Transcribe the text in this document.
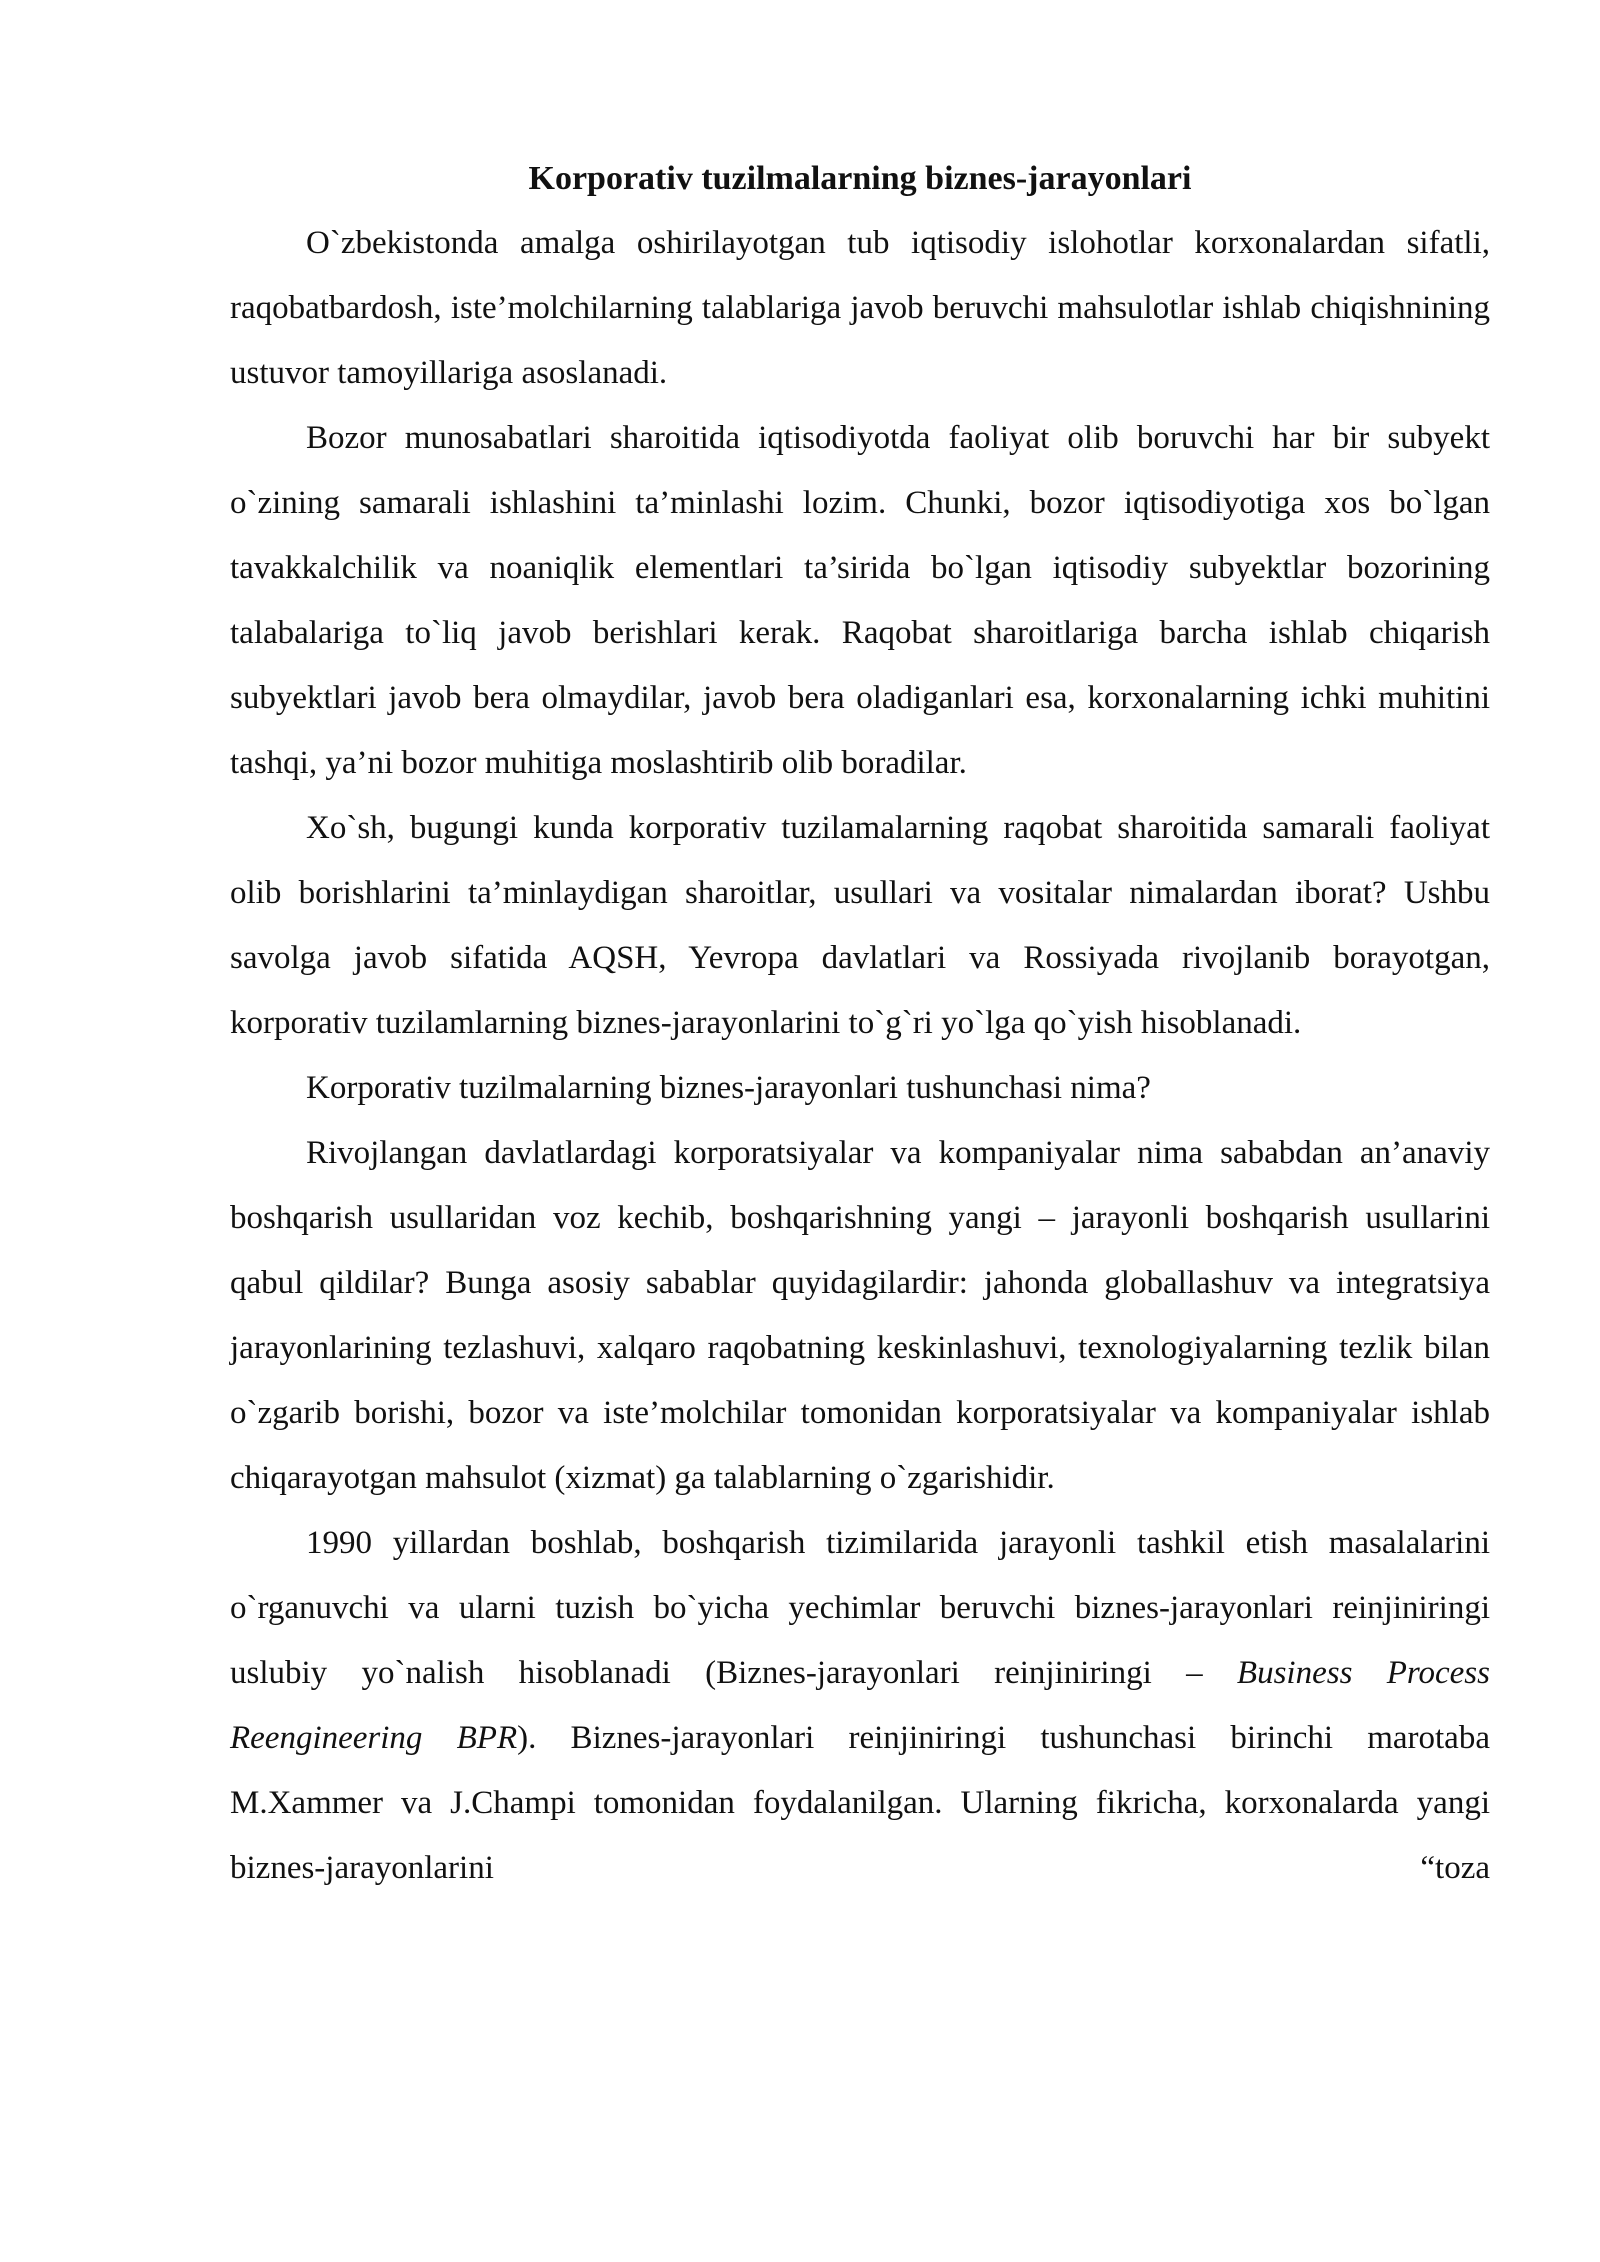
Korporativ tuzilmalarning biznes-jarayonlari

O`zbekistonda amalga oshirilayotgan tub iqtisodiy islohotlar korxonalardan sifatli, raqobatbardosh, iste’molchilarning talablariga javob beruvchi mahsulotlar ishlab chiqishnining ustuvor tamoyillariga asoslanadi.

Bozor munosabatlari sharoitida iqtisodiyotda faoliyat olib boruvchi har bir subyekt o`zining samarali ishlashini ta’minlashi lozim. Chunki, bozor iqtisodiyotiga xos bo`lgan tavakkalchilik va noaniqlik elementlari ta’sirida bo`lgan iqtisodiy subyektlar bozorining talabalariga to`liq javob berishlari kerak. Raqobat sharoitlariga barcha ishlab chiqarish subyektlari javob bera olmaydilar, javob bera oladiganlari esa, korxonalarning ichki muhitini tashqi, ya’ni bozor muhitiga moslashtirib olib boradilar.

Xo`sh, bugungi kunda korporativ tuzilamalarning raqobat sharoitida samarali faoliyat olib borishlarini ta’minlaydigan sharoitlar, usullari va vositalar nimalardan iborat? Ushbu savolga javob sifatida AQSH, Yevropa davlatlari va Rossiyada rivojlanib borayotgan, korporativ tuzilamlarning biznes-jarayonlarini to`g`ri yo`lga qo`yish hisoblanadi.

Korporativ tuzilmalarning biznes-jarayonlari tushunchasi nima?

Rivojlangan davlatlardagi korporatsiyalar va kompaniyalar nima sababdan an’anaviy boshqarish usullaridan voz kechib, boshqarishning yangi – jarayonli boshqarish usullarini qabul qildilar? Bunga asosiy sabablar quyidagilardir: jahonda globallashuv va integratsiya jarayonlarining tezlashuvi, xalqaro raqobatning keskinlashuvi, texnologiyalarning tezlik bilan o`zgarib borishi, bozor va iste’molchilar tomonidan korporatsiyalar va kompaniyalar ishlab chiqarayotgan mahsulot (xizmat) ga talablarning o`zgarishidir.

1990 yillardan boshlab, boshqarish tizimilarida jarayonli tashkil etish masalalarini o`rganuvchi va ularni tuzish bo`yicha yechimlar beruvchi biznes-jarayonlari reinjiniringi uslubiy yo`nalish hisoblanadi (Biznes-jarayonlari reinjiniringi – Business Process Reengineering BPR). Biznes-jarayonlari reinjiniringi tushunchasi birinchi marotaba M.Xammer va J.Champi tomonidan foydalanilgan. Ularning fikricha, korxonalarda yangi biznes-jarayonlarini “toza
